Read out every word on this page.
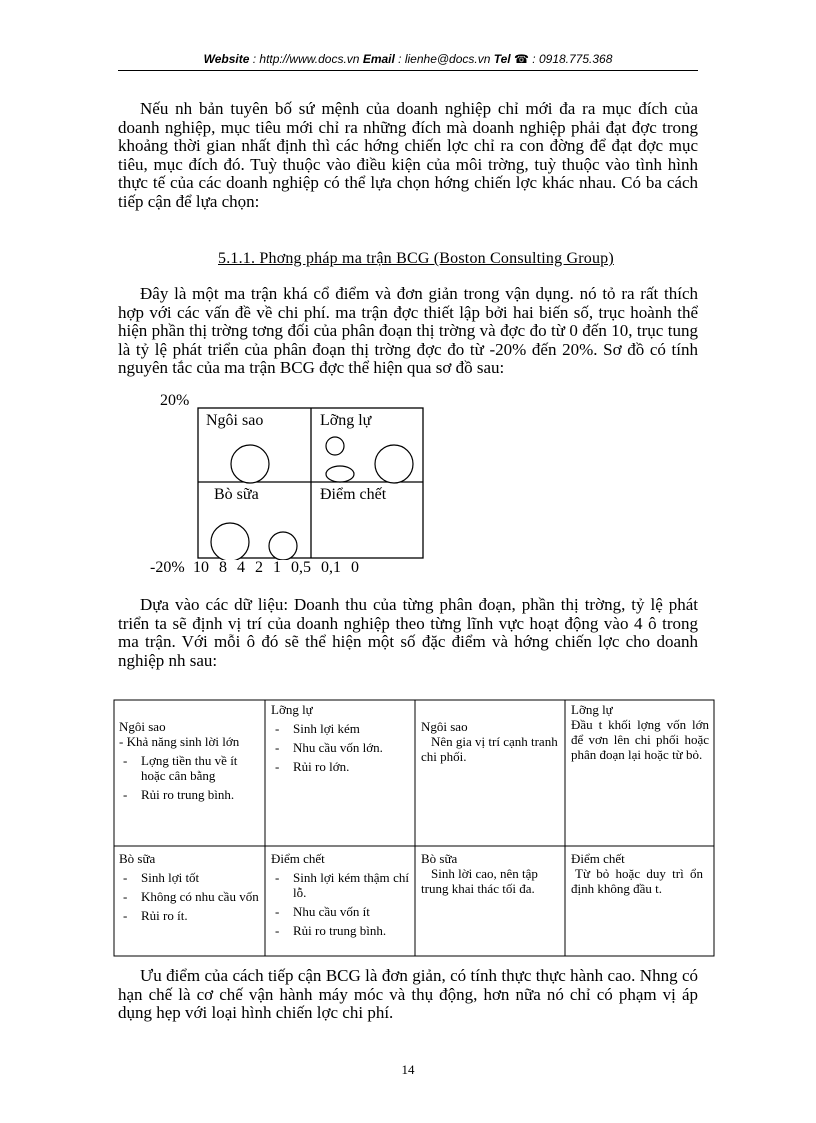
Website : http://www.docs.vn Email : lienhe@docs.vn Tel ☎ : 0918.775.368

Nếu nh bản tuyên bố sứ mệnh của doanh nghiệp chỉ mới đa ra mục đích của doanh nghiệp, mục tiêu mới chỉ ra những đích mà doanh nghiệp phải đạt đợc trong khoảng thời gian nhất định thì các hớng chiến lợc chỉ ra con đờng để đạt đợc mục tiêu, mục đích đó. Tuỳ thuộc vào điều kiện của môi trờng, tuỳ thuộc vào tình hình thực tế của các doanh nghiệp có thể lựa chọn hớng chiến lợc khác nhau. Có ba cách tiếp cận để lựa chọn:

5.1.1. Phơng pháp ma trận BCG (Boston Consulting Group)

Đây là một ma trận khá cổ điểm và đơn giản trong vận dụng. nó tỏ ra rất thích hợp với các vấn đề về chi phí. ma trận đợc thiết lập bởi hai biến số, trục hoành thể hiện phần thị trờng tơng đối của phân đoạn thị trờng và đợc đo từ 0 đến 10, trục tung là tỷ lệ phát triển của phân đoạn thị trờng đợc đo từ -20% đến 20%. Sơ đồ có tính nguyên tắc của ma trận BCG đợc thể hiện qua sơ đồ sau:

20%
Ngôi sao	Lỡng lự
Bò sữa	Điểm chết
-20% 10 8 4 2 1 0,5 0,1 0

Dựa vào các dữ liệu: Doanh thu của từng phân đoạn, phần thị trờng, tỷ lệ phát triển ta sẽ định vị trí của doanh nghiệp theo từng lĩnh vực hoạt động vào 4 ô trong ma trận. Với mỗi ô đó sẽ thể hiện một số đặc điểm và hớng chiến lợc cho doanh nghiệp nh sau:

Ngôi sao
- Khả năng sinh lời lớn
- Lợng tiền thu về ít hoặc cân bằng
- Rủi ro trung bình.
Lỡng lự
- Sinh lợi kém
- Nhu cầu vốn lớn.
- Rủi ro lớn.
Ngôi sao
Nên gia vị trí cạnh tranh chi phối.
Lỡng lự
Đầu t khối lợng vốn lớn để vơn lên chi phối hoặc phân đoạn lại hoặc từ bỏ.
Bò sữa
- Sinh lợi tốt
- Không có nhu cầu vốn
- Rủi ro ít.
Điểm chết
- Sinh lợi kém thậm chí lỗ.
- Nhu cầu vốn ít
- Rủi ro trung bình.
Bò sữa
Sinh lời cao, nên tập trung khai thác tối đa.
Điểm chết
Từ bỏ hoặc duy trì ổn định không đầu t.

Ưu điểm của cách tiếp cận BCG là đơn giản, có tính thực thực hành cao. Nhng có hạn chế là cơ chế vận hành máy móc và thụ động, hơn nữa nó chỉ có phạm vị áp dụng hẹp với loại hình chiến lợc chi phí.

14
